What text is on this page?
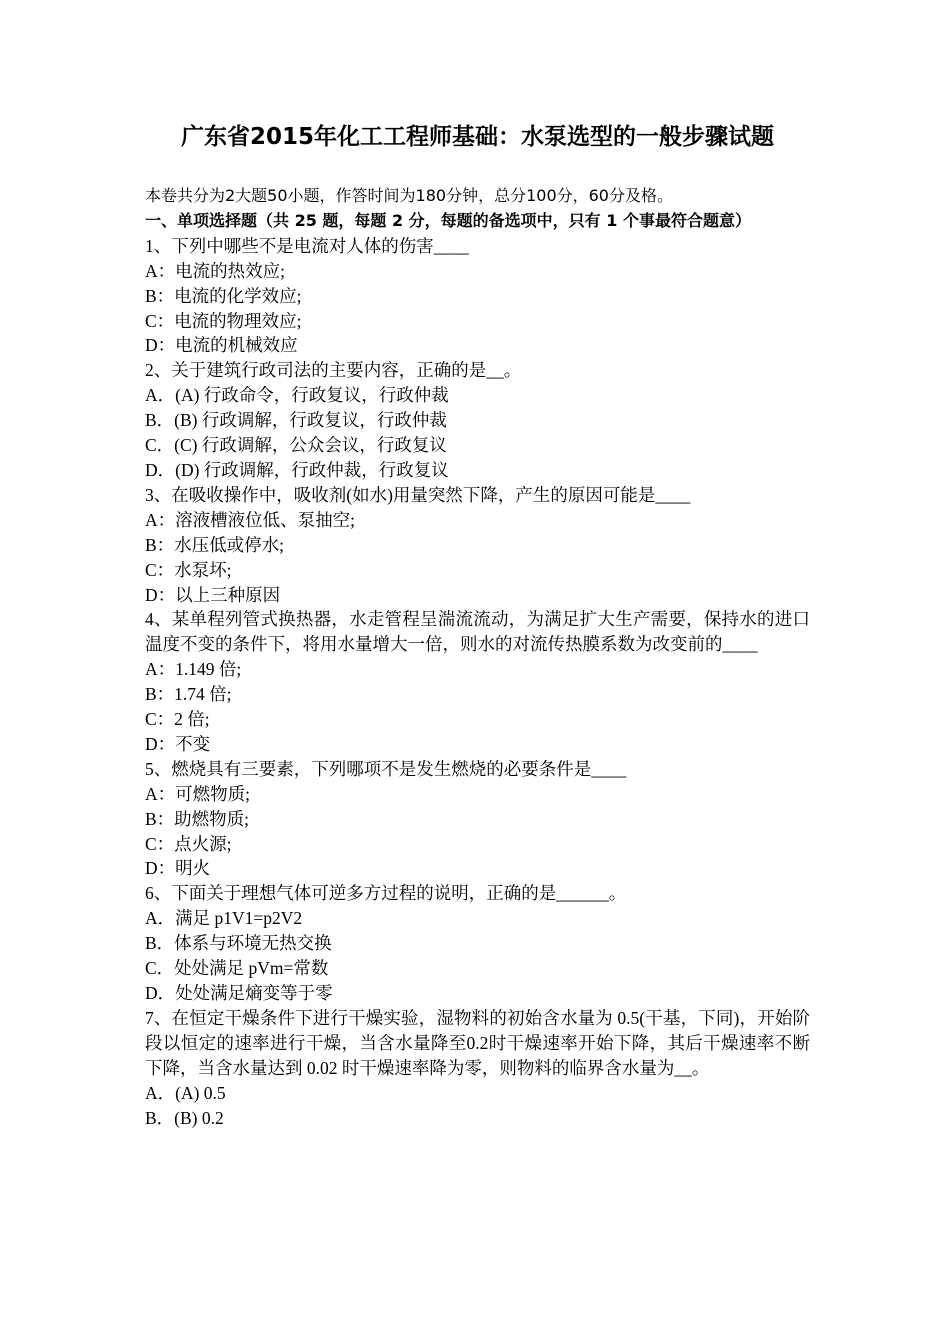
广东省2015年化工工程师基础：水泵选型的一般步骤试题
本卷共分为2大题50小题，作答时间为180分钟，总分100分，60分及格。
一、单项选择题（共 25 题，每题 2 分，每题的备选项中，只有 1 个事最符合题意）
1、下列中哪些不是电流对人体的伤害____
A：电流的热效应;
B：电流的化学效应;
C：电流的物理效应;
D：电流的机械效应
2、关于建筑行政司法的主要内容，正确的是__。
A．(A) 行政命令，行政复议，行政仲裁
B．(B) 行政调解，行政复议，行政仲裁
C．(C) 行政调解，公众会议，行政复议
D．(D) 行政调解，行政仲裁，行政复议
3、在吸收操作中，吸收剂(如水)用量突然下降，产生的原因可能是____
A：溶液槽液位低、泵抽空;
B：水压低或停水;
C：水泵坏;
D：以上三种原因
4、某单程列管式换热器，水走管程呈湍流流动，为满足扩大生产需要，保持水的进口温度不变的条件下，将用水量增大一倍，则水的对流传热膜系数为改变前的____
A：1.149 倍;
B：1.74 倍;
C：2 倍;
D：不变
5、燃烧具有三要素，下列哪项不是发生燃烧的必要条件是____
A：可燃物质;
B：助燃物质;
C：点火源;
D：明火
6、下面关于理想气体可逆多方过程的说明，正确的是______。
A．满足 p1V1=p2V2
B．体系与环境无热交换
C．处处满足 pVm=常数
D．处处满足熵变等于零
7、在恒定干燥条件下进行干燥实验，湿物料的初始含水量为 0.5(干基，下同)，开始阶段以恒定的速率进行干燥，当含水量降至0.2时干燥速率开始下降，其后干燥速率不断下降，当含水量达到 0.02 时干燥速率降为零，则物料的临界含水量为__。
A．(A) 0.5
B．(B) 0.2
